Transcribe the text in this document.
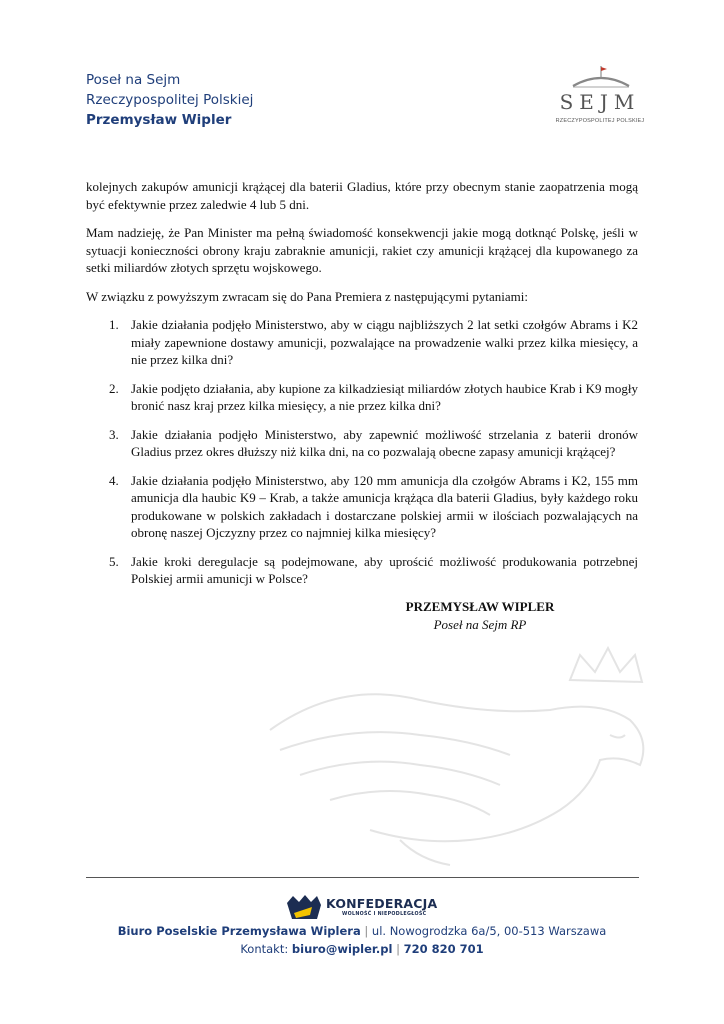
Poseł na Sejm
Rzeczypospolitej Polskiej
Przemysław Wipler
SEJM
RZECZYPOSPOLITEJ POLSKIEJ

kolejnych zakupów amunicji krążącej dla baterii Gladius, które przy obecnym stanie zaopatrzenia mogą być efektywnie przez zaledwie 4 lub 5 dni.

Mam nadzieję, że Pan Minister ma pełną świadomość konsekwencji jakie mogą dotknąć Polskę, jeśli w sytuacji konieczności obrony kraju zabraknie amunicji, rakiet czy amunicji krążącej dla kupowanego za setki miliardów złotych sprzętu wojskowego.

W związku z powyższym zwracam się do Pana Premiera z następującymi pytaniami:

1. Jakie działania podjęło Ministerstwo, aby w ciągu najbliższych 2 lat setki czołgów Abrams i K2 miały zapewnione dostawy amunicji, pozwalające na prowadzenie walki przez kilka miesięcy, a nie przez kilka dni?
2. Jakie podjęto działania, aby kupione za kilkadziesiąt miliardów złotych haubice Krab i K9 mogły bronić nasz kraj przez kilka miesięcy, a nie przez kilka dni?
3. Jakie działania podjęło Ministerstwo, aby zapewnić możliwość strzelania z baterii dronów Gladius przez okres dłuższy niż kilka dni, na co pozwalają obecne zapasy amunicji krążącej?
4. Jakie działania podjęło Ministerstwo, aby 120 mm amunicja dla czołgów Abrams i K2, 155 mm amunicja dla haubic K9 – Krab, a także amunicja krążąca dla baterii Gladius, były każdego roku produkowane w polskich zakładach i dostarczane polskiej armii w ilościach pozwalających na obronę naszej Ojczyzny przez co najmniej kilka miesięcy?
5. Jakie kroki deregulacje są podejmowane, aby uprościć możliwość produkowania potrzebnej Polskiej armii amunicji w Polsce?
PRZEMYSŁAW WIPLER
Poseł na Sejm RP
KONFEDERACJA
WOLNOŚĆ I NIEPODLEGŁOŚĆ
Biuro Poselskie Przemysława Wiplera | ul. Nowogrodzka 6a/5, 00-513 Warszawa
Kontakt: biuro@wipler.pl | 720 820 701
